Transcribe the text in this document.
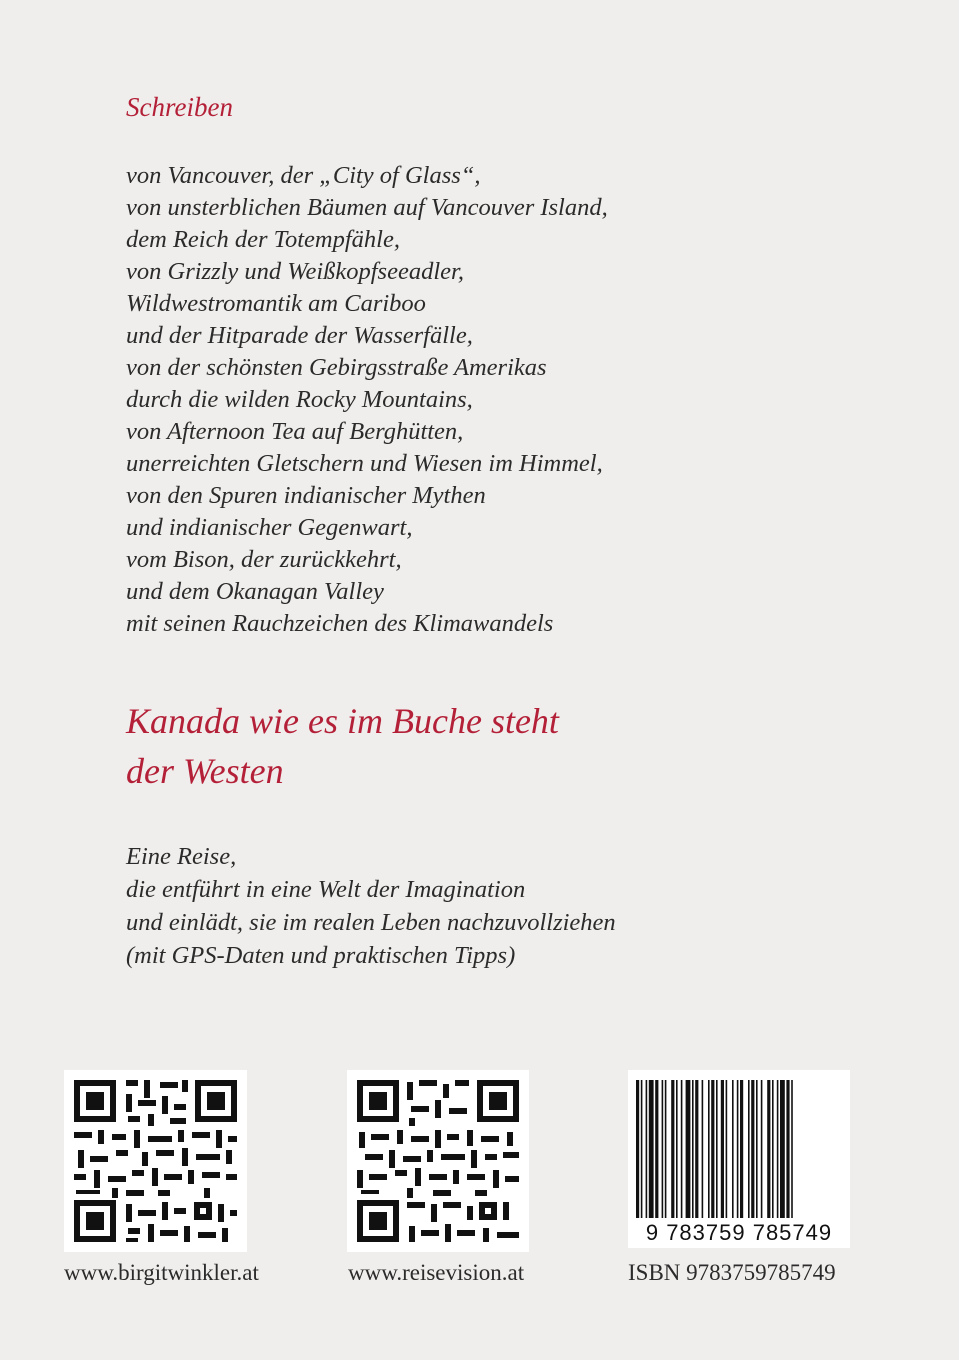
Schreiben
von Vancouver, der „City of Glass“,
von unsterblichen Bäumen auf Vancouver Island,
dem Reich der Totempfähle,
von Grizzly und Weißkopfseeadler,
Wildwestromantik am Cariboo
und der Hitparade der Wasserfälle,
von der schönsten Gebirgsstraße Amerikas
durch die wilden Rocky Mountains,
von Afternoon Tea auf Berghütten,
unerreichten Gletschern und Wiesen im Himmel,
von den Spuren indianischer Mythen
und indianischer Gegenwart,
vom Bison, der zurückkehrt,
und dem Okanagan Valley
mit seinen Rauchzeichen des Klimawandels
Kanada wie es im Buche steht
der Westen
Eine Reise,
die entführt in eine Welt der Imagination
und einlädt, sie im realen Leben nachzuvollziehen
(mit GPS-Daten und praktischen Tipps)
9 783759 785749
www.birgitwinkler.at	www.reisevision.at	ISBN 9783759785749
